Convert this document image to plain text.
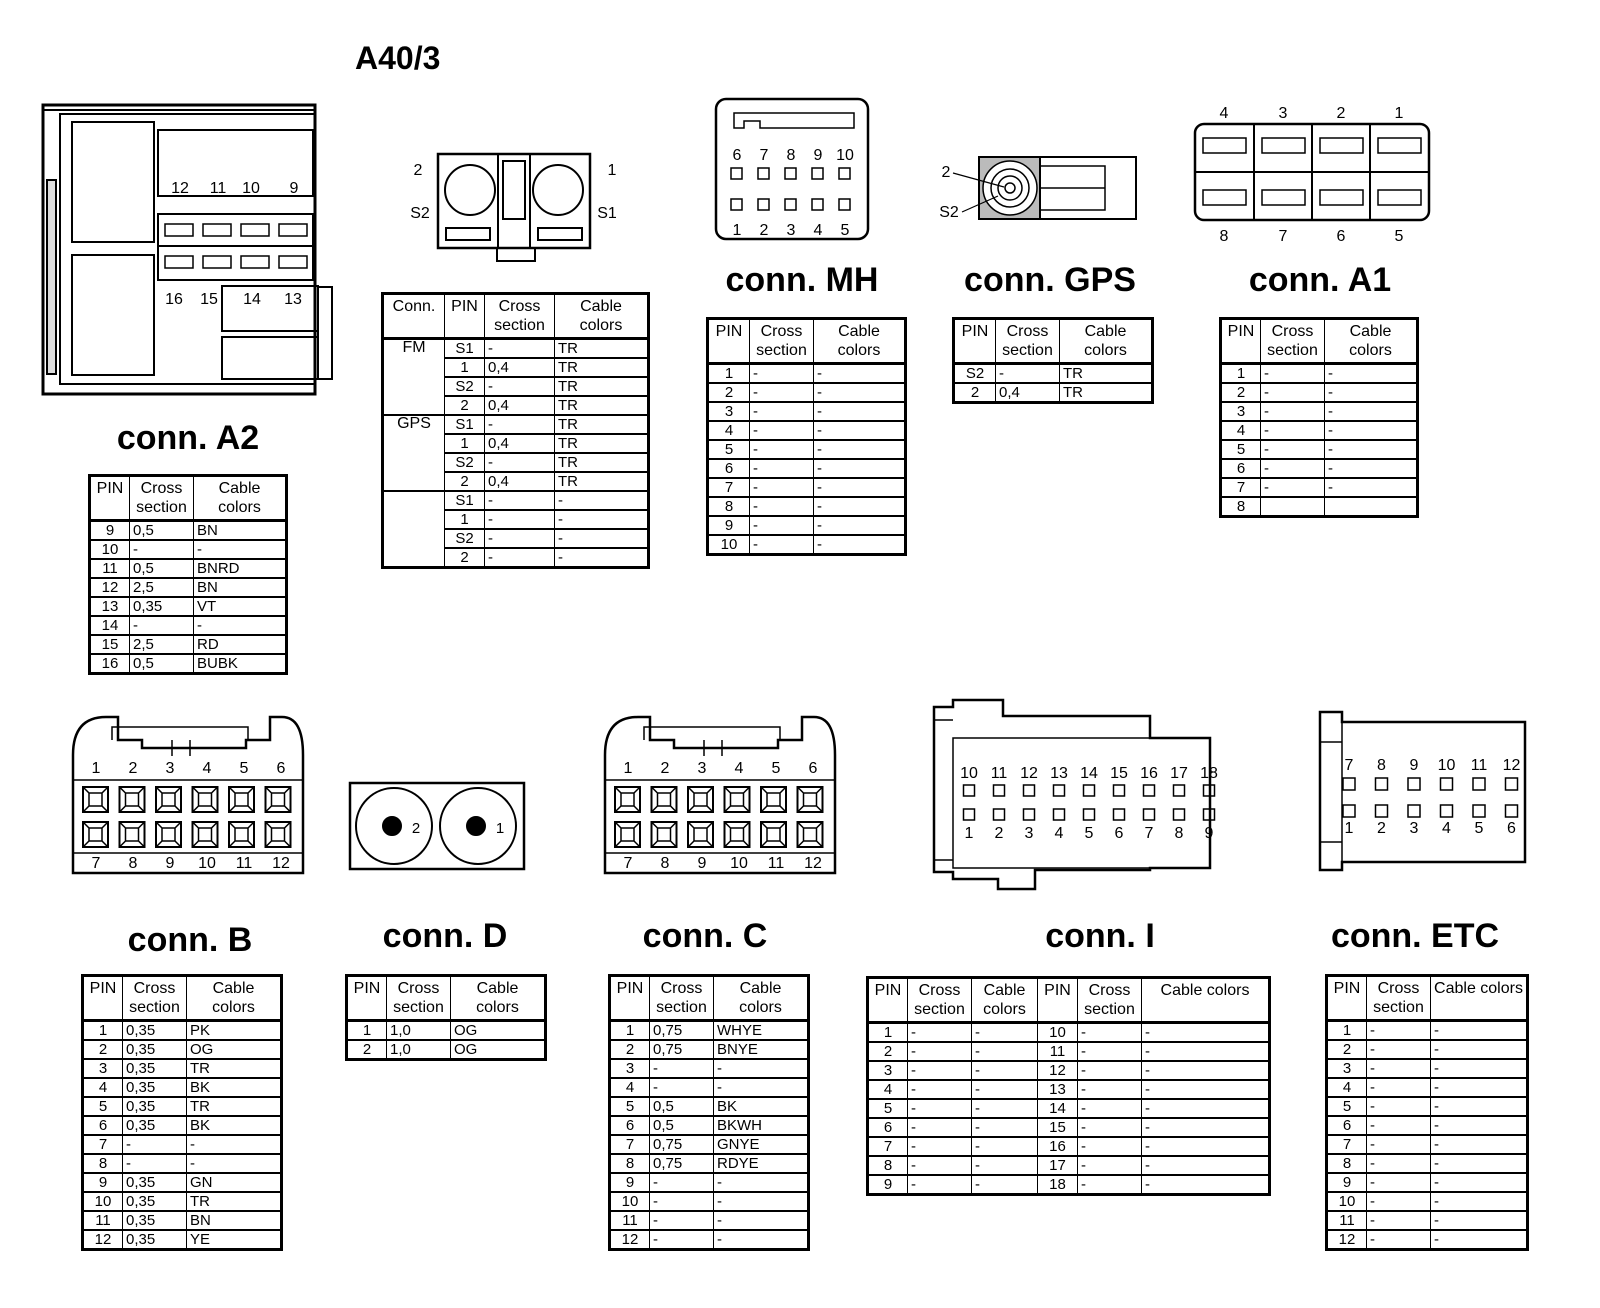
12 11 10 9
16 15 14 13
2	1
S2	S1
6 7 8 9 10
1 2 3 4 5
2
S2
4	3	2	1
8	7	6	5
1 2 3 4 5 6
7 8 9 10 11 12
2	1
1 2 3 4 5 6
7 8 9 10 11 12
10 11 12 13 14 15 16 17 18
1 2 3 4 5 6 7 8 9
7 8 9 10 11 12
1 2 3 4 5 6
A40/3
conn. A2
conn. MH	conn. GPS	conn. A1
conn. B	conn. D	conn. C	conn. I	conn. ETC
PIN	Cross section	Cable colors
9	0,5	BN
10	-	-
11	0,5	BNRD
12	2,5	BN
13	0,35	VT
14	-	-
15	2,5	RD
16	0,5	BUBK
Conn.	PIN	Cross section	Cable colors
FM	S1	-	TR
	1	0,4	TR
	S2	-	TR
	2	0,4	TR
GPS	S1	-	TR
	1	0,4	TR
	S2	-	TR
	2	0,4	TR
	S1	-	-
	1	-	-
	S2	-	-
	2	-	-
PIN	Cross section	Cable colors
1	-	-
2	-	-
3	-	-
4	-	-
5	-	-
6	-	-
7	-	-
8	-	-
9	-	-
10	-	-
PIN	Cross section	Cable colors
S2	-	TR
2	0,4	TR
PIN	Cross section	Cable colors
1	-	-
2	-	-
3	-	-
4	-	-
5	-	-
6	-	-
7	-	-
8		
PIN	Cross section	Cable colors
1	0,35	PK
2	0,35	OG
3	0,35	TR
4	0,35	BK
5	0,35	TR
6	0,35	BK
7	-	-
8	-	-
9	0,35	GN
10	0,35	TR
11	0,35	BN
12	0,35	YE
PIN	Cross section	Cable colors
1	1,0	OG
2	1,0	OG
PIN	Cross section	Cable colors
1	0,75	WHYE
2	0,75	BNYE
3	-	-
4	-	-
5	0,5	BK
6	0,5	BKWH
7	0,75	GNYE
8	0,75	RDYE
9	-	-
10	-	-
11	-	-
12	-	-
PIN	Cross section	Cable colors	PIN	Cross section	Cable colors
1	-	-	10	-	-
2	-	-	11	-	-
3	-	-	12	-	-
4	-	-	13	-	-
5	-	-	14	-	-
6	-	-	15	-	-
7	-	-	16	-	-
8	-	-	17	-	-
9	-	-	18	-	-
PIN	Cross section	Cable colors
1	-	-
2	-	-
3	-	-
4	-	-
5	-	-
6	-	-
7	-	-
8	-	-
9	-	-
10	-	-
11	-	-
12	-	-
